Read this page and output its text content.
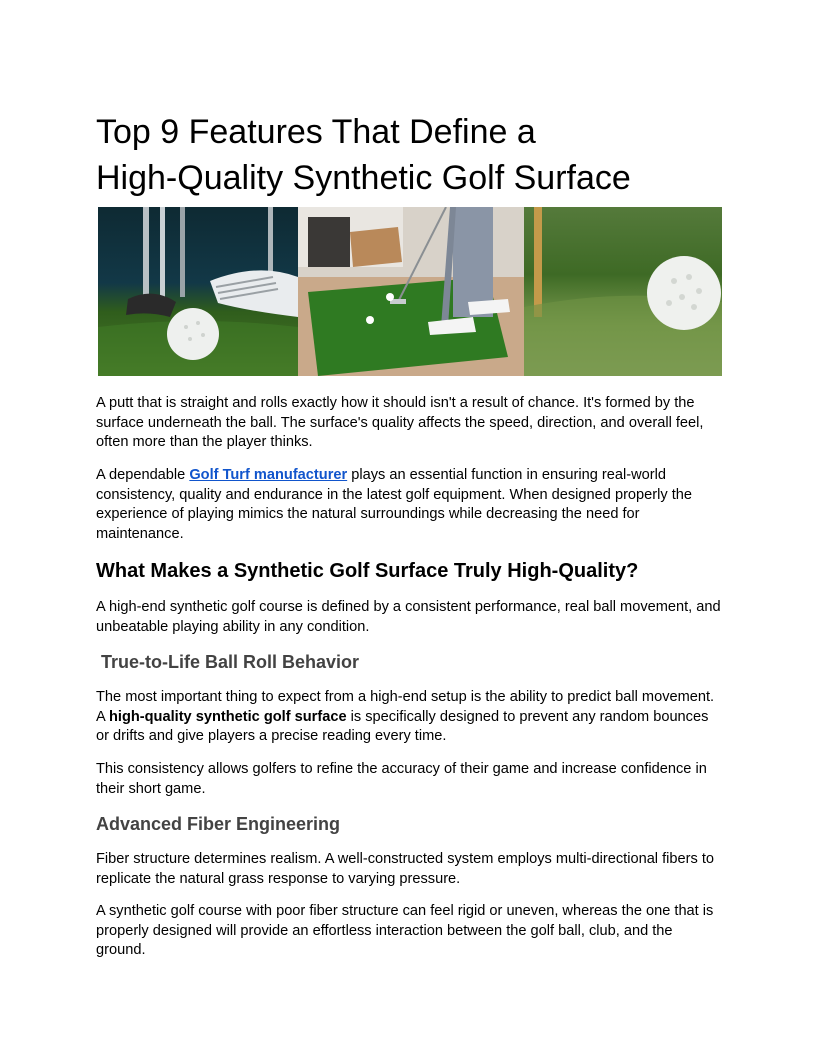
Top 9 Features That Define a
High-Quality Synthetic Golf Surface

A putt that is straight and rolls exactly how it should isn't a result of chance. It's formed by the surface underneath the ball. The surface's quality affects the speed, direction, and overall feel, often more than the player thinks.

A dependable Golf Turf manufacturer plays an essential function in ensuring real-world consistency, quality and endurance in the latest golf equipment. When designed properly the experience of playing mimics the natural surroundings while decreasing the need for maintenance.

What Makes a Synthetic Golf Surface Truly High-Quality?

A high-end synthetic golf course is defined by a consistent performance, real ball movement, and unbeatable playing ability in any condition.

True-to-Life Ball Roll Behavior

The most important thing to expect from a high-end setup is the ability to predict ball movement. A high-quality synthetic golf surface is specifically designed to prevent any random bounces or drifts and give players a precise reading every time.

This consistency allows golfers to refine the accuracy of their game and increase confidence in their short game.

Advanced Fiber Engineering

Fiber structure determines realism. A well-constructed system employs multi-directional fibers to replicate the natural grass response to varying pressure.

A synthetic golf course with poor fiber structure can feel rigid or uneven, whereas the one that is properly designed will provide an effortless interaction between the golf ball, club, and the ground.
